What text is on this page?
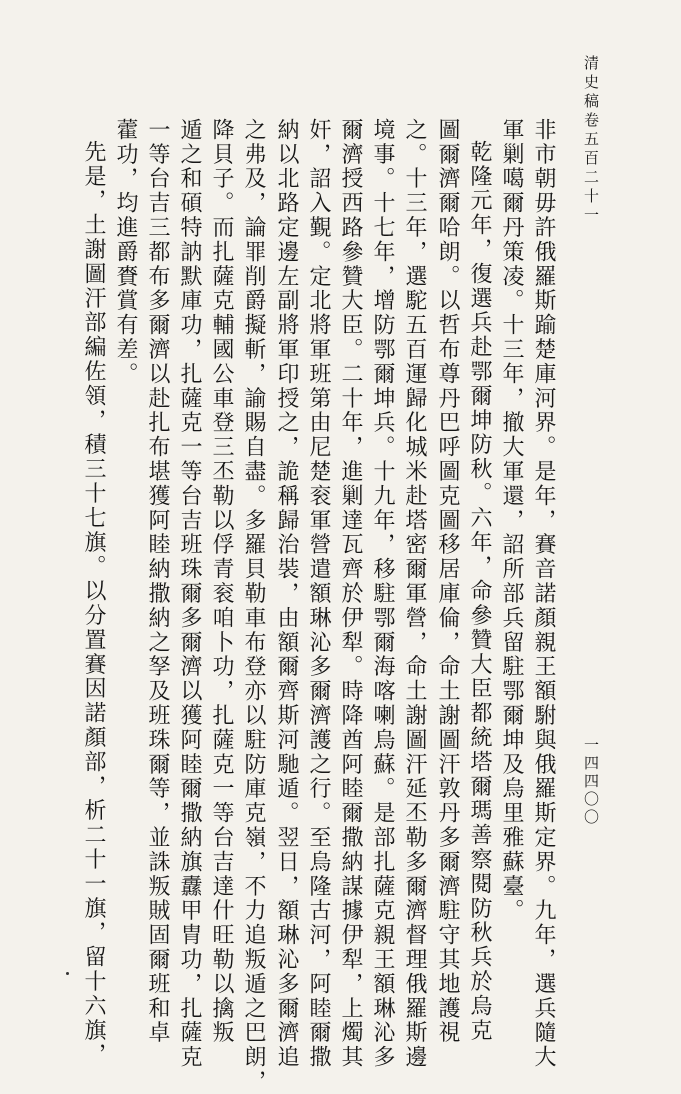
清史稿卷五百二十一
一四四〇〇
非市朝毋許俄羅斯踰楚庫河界。是年，賽音諾顏親王額駙與俄羅斯定界。九年，選兵隨大
軍剿噶爾丹策凌。十三年，撤大軍還，詔所部兵留駐鄂爾坤及烏里雅蘇臺。
乾隆元年，復選兵赴鄂爾坤防秋。六年，命參贊大臣都統塔爾瑪善察閱防秋兵於烏克
圖爾濟爾哈朗。以哲布尊丹巴呼圖克圖移居庫倫，命土謝圖汗敦丹多爾濟駐守其地護視
之。十三年，選駝五百運歸化城米赴塔密爾軍營，命土謝圖汗延丕勒多爾濟督理俄羅斯邊
境事。十七年，增防鄂爾坤兵。十九年，移駐鄂爾海喀喇烏蘇。是部扎薩克親王額琳沁多
爾濟授西路參贊大臣。二十年，進剿達瓦齊於伊犁。時降酋阿睦爾撒納謀據伊犁，上燭其
奸，詔入覲。定北將軍班第由尼楚衮軍營遣額琳沁多爾濟護之行。至烏隆古河，阿睦爾撒
納以北路定邊左副將軍印授之，詭稱歸治裝，由額爾齊斯河馳遁。翌日，額琳沁多爾濟追
之弗及，論罪削爵擬斬，諭賜自盡。多羅貝勒車布登亦以駐防庫克嶺，不力追叛遁之巴朗，
降貝子。而扎薩克輔國公車登三丕勒以俘青衮咱卜功，扎薩克一等台吉達什旺勒以擒叛
遁之和碩特訥默庫功，扎薩克一等台吉班珠爾多爾濟以獲阿睦爾撒納旗纛甲胄功，扎薩克
一等台吉三都布多爾濟以赴扎布堪獲阿睦納撒納之孥及班珠爾等，並誅叛賊固爾班和卓
藿功，均進爵賚賞有差。
先是，土謝圖汗部編佐領，積三十七旗。以分置賽因諾顏部，析二十一旗，留十六旗，
